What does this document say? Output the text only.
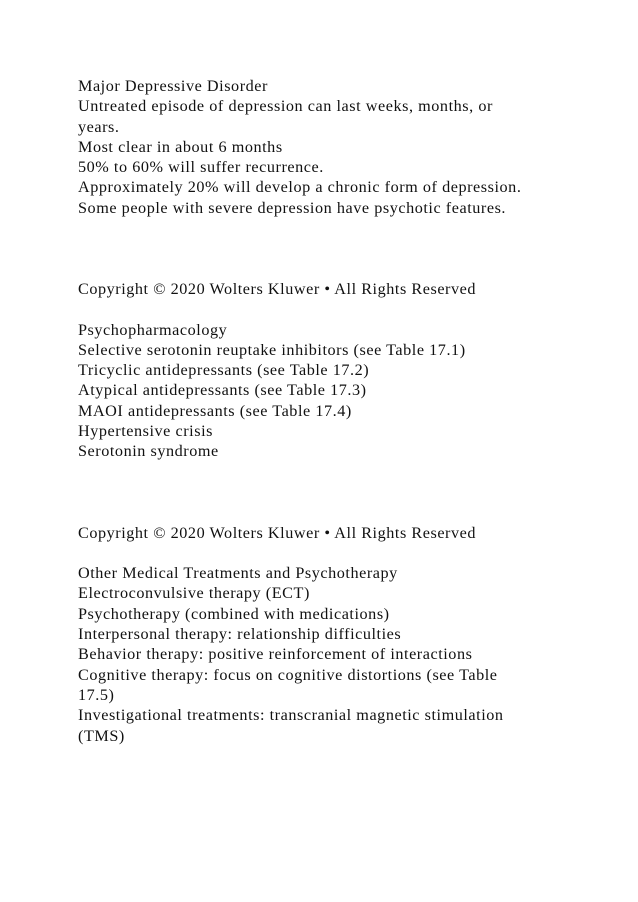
Major Depressive Disorder
Untreated episode of depression can last weeks, months, or
years.
Most clear in about 6 months
50% to 60% will suffer recurrence.
Approximately 20% will develop a chronic form of depression.
Some people with severe depression have psychotic features.
Copyright © 2020 Wolters Kluwer • All Rights Reserved
Psychopharmacology
Selective serotonin reuptake inhibitors (see Table 17.1)
Tricyclic antidepressants (see Table 17.2)
Atypical antidepressants (see Table 17.3)
MAOI antidepressants (see Table 17.4)
Hypertensive crisis
Serotonin syndrome
Copyright © 2020 Wolters Kluwer • All Rights Reserved
Other Medical Treatments and Psychotherapy
Electroconvulsive therapy (ECT)
Psychotherapy (combined with medications)
Interpersonal therapy: relationship difficulties
Behavior therapy: positive reinforcement of interactions
Cognitive therapy: focus on cognitive distortions (see Table
17.5)
Investigational treatments: transcranial magnetic stimulation
(TMS)
